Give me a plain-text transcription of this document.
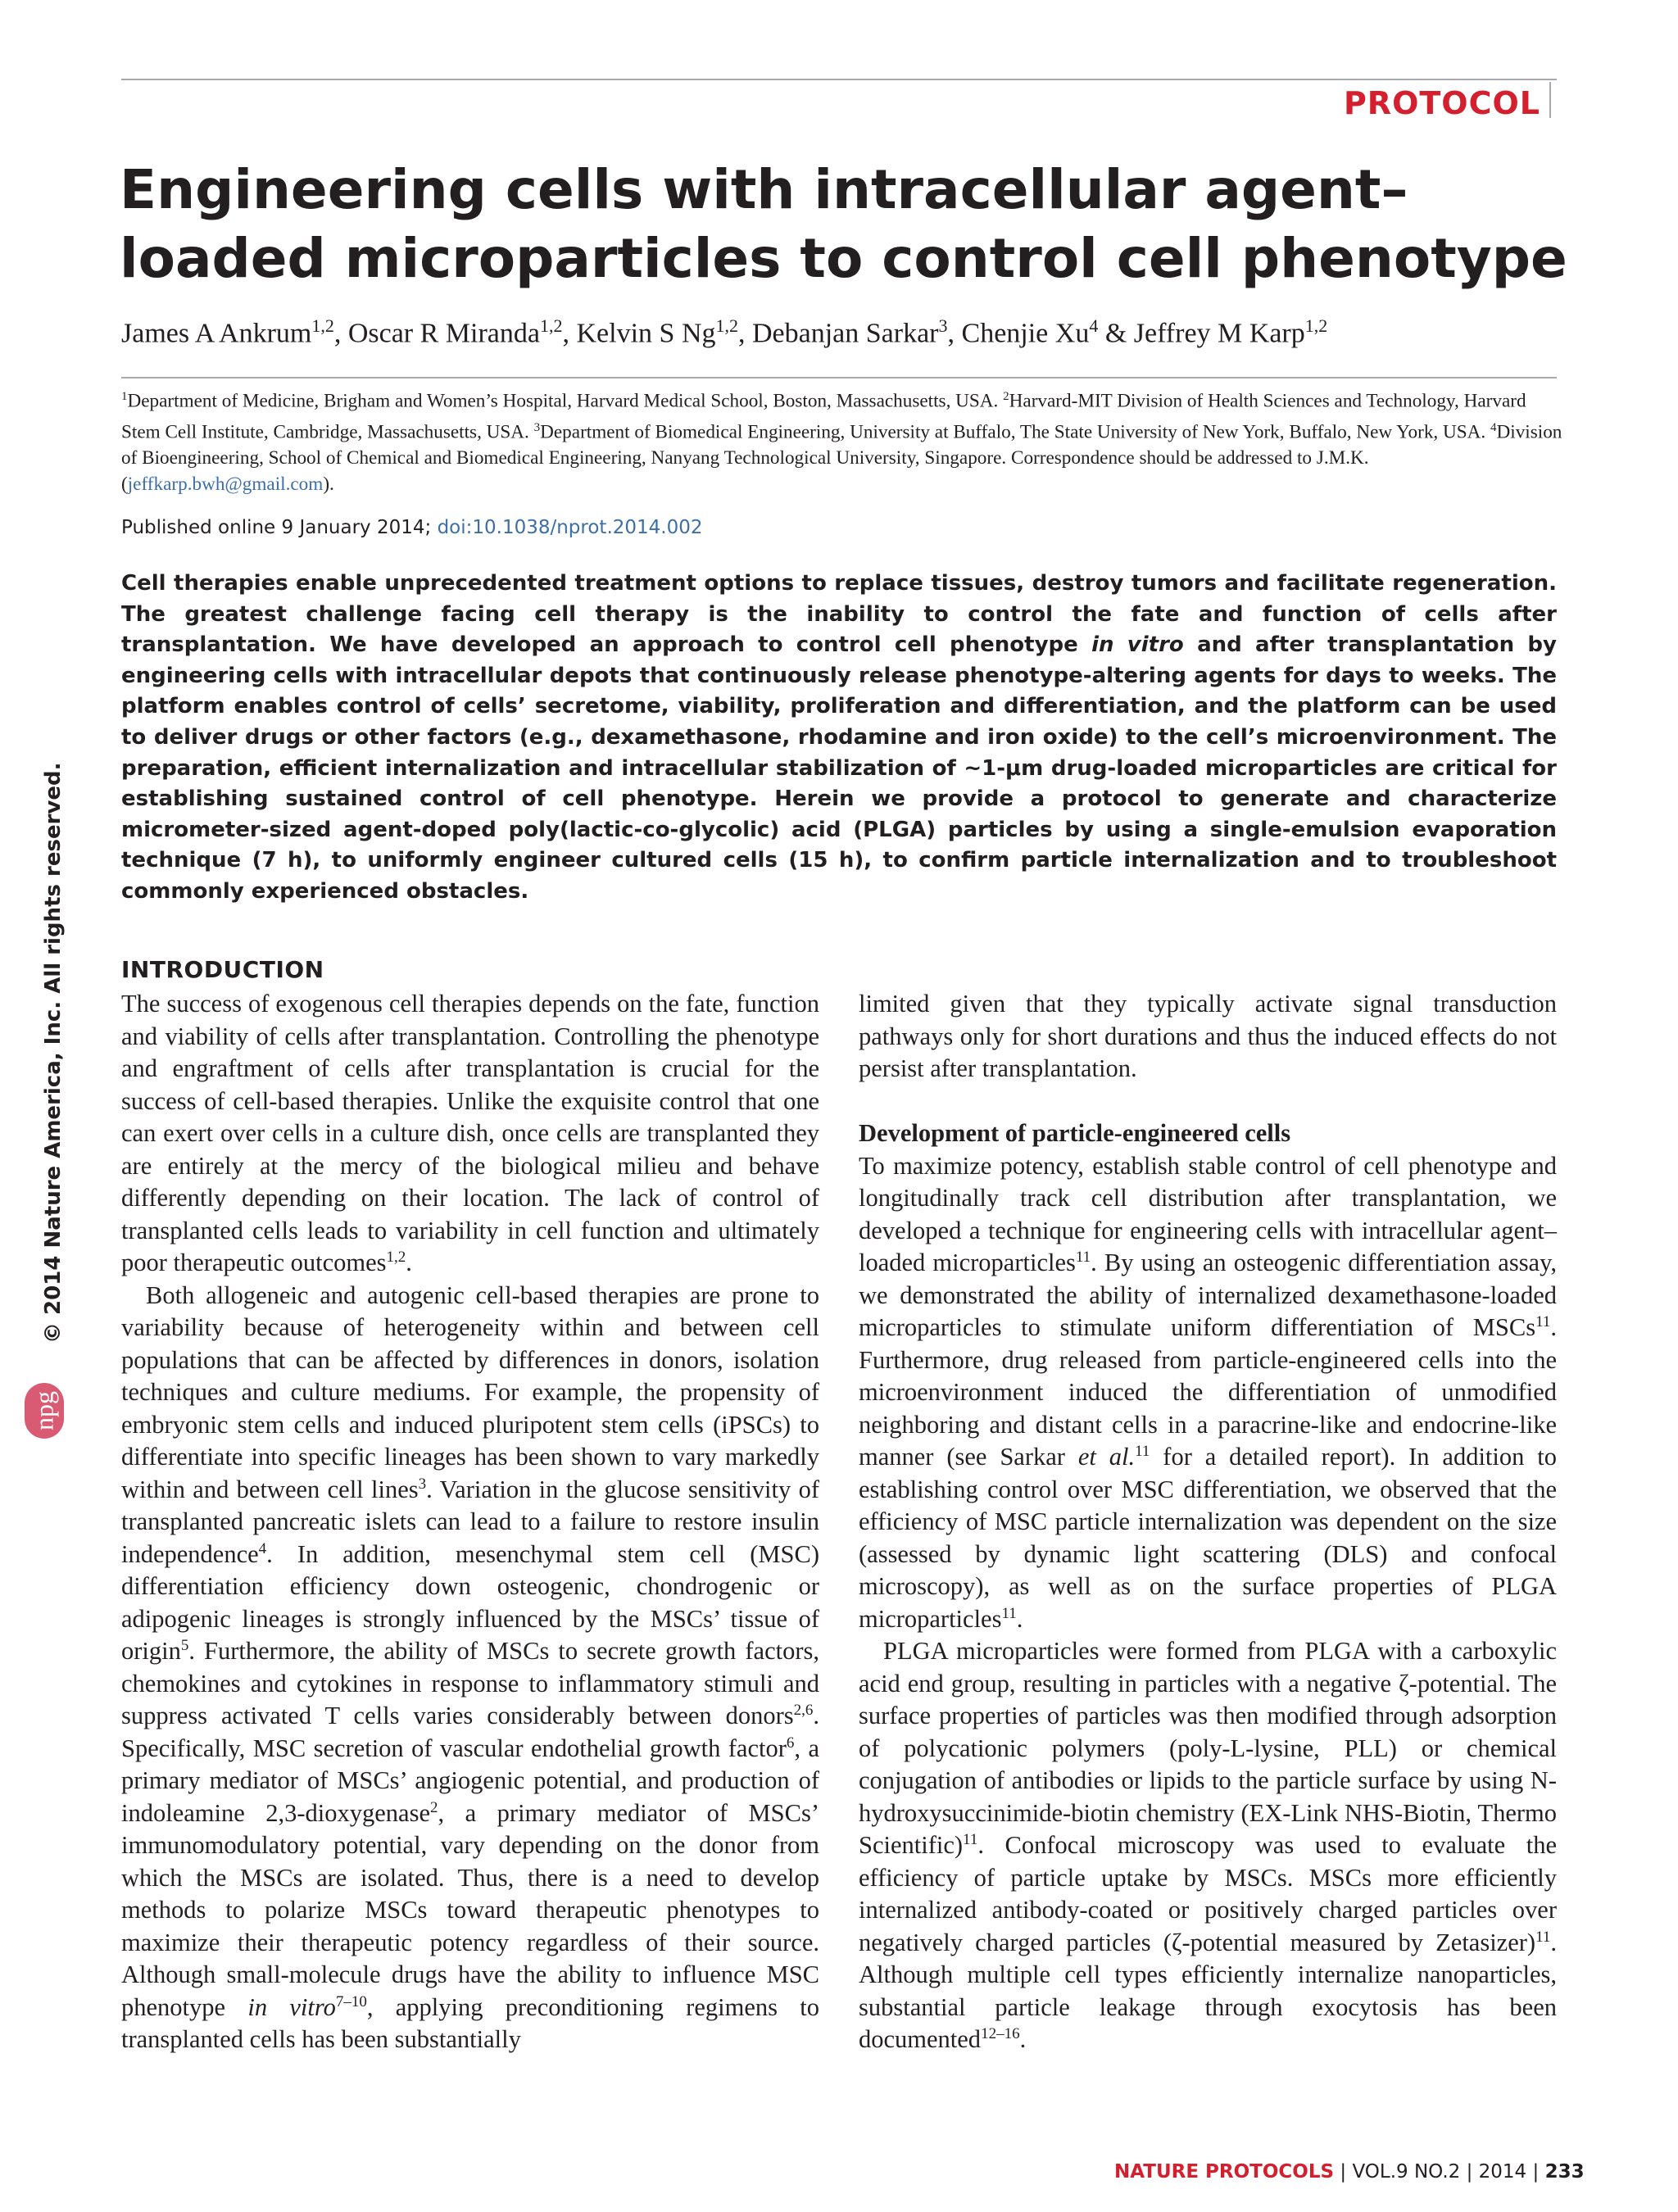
PROTOCOL
Engineering cells with intracellular agent–loaded microparticles to control cell phenotype
James A Ankrum$^{1,2}$, Oscar R Miranda$^{1,2}$, Kelvin S Ng$^{1,2}$, Debanjan Sarkar$^3$, Chenjie Xu$^4$ & Jeffrey M Karp$^{1,2}$
$^1$Department of Medicine, Brigham and Women’s Hospital, Harvard Medical School, Boston, Massachusetts, USA. $^2$Harvard-MIT Division of Health Sciences and Technology, Harvard Stem Cell Institute, Cambridge, Massachusetts, USA. $^3$Department of Biomedical Engineering, University at Buffalo, The State University of New York, Buffalo, New York, USA. $^4$Division of Bioengineering, School of Chemical and Biomedical Engineering, Nanyang Technological University, Singapore. Correspondence should be addressed to J.M.K. (jeffkarp.bwh@gmail.com).
Published online 9 January 2014; doi:10.1038/nprot.2014.002
Cell therapies enable unprecedented treatment options to replace tissues, destroy tumors and facilitate regeneration. The greatest challenge facing cell therapy is the inability to control the fate and function of cells after transplantation. We have developed an approach to control cell phenotype in vitro and after transplantation by engineering cells with intracellular depots that continuously release phenotype-altering agents for days to weeks. The platform enables control of cells’ secretome, viability, proliferation and differentiation, and the platform can be used to deliver drugs or other factors (e.g., dexamethasone, rhodamine and iron oxide) to the cell’s microenvironment. The preparation, efficient internalization and intracellular stabilization of ~1-μm drug-loaded microparticles are critical for establishing sustained control of cell phenotype. Herein we provide a protocol to generate and characterize micrometer-sized agent-doped poly(lactic-co-glycolic) acid (PLGA) particles by using a single-emulsion evaporation technique (7 h), to uniformly engineer cultured cells (15 h), to confirm particle internalization and to troubleshoot commonly experienced obstacles.
© 2014 Nature America, Inc. All rights reserved.
npg
INTRODUCTION

The success of exogenous cell therapies depends on the fate, function and viability of cells after transplantation. Controlling the phenotype and engraftment of cells after transplantation is crucial for the success of cell-based therapies. Unlike the exquisite control that one can exert over cells in a culture dish, once cells are transplanted they are entirely at the mercy of the biological milieu and behave differently depending on their location. The lack of control of transplanted cells leads to variability in cell function and ultimately poor therapeutic outcomes$^{1,2}$.

Both allogeneic and autogenic cell-based therapies are prone to variability because of heterogeneity within and between cell populations that can be affected by differences in donors, isolation techniques and culture mediums. For example, the propensity of embryonic stem cells and induced pluripotent stem cells (iPSCs) to differentiate into specific lineages has been shown to vary markedly within and between cell lines$^3$. Variation in the glucose sensitivity of transplanted pancreatic islets can lead to a failure to restore insulin independence$^4$. In addition, mesenchymal stem cell (MSC) differentiation efficiency down osteogenic, chondrogenic or adipogenic lineages is strongly influenced by the MSCs’ tissue of origin$^5$. Furthermore, the ability of MSCs to secrete growth factors, chemokines and cytokines in response to inflammatory stimuli and suppress activated T cells varies considerably between donors$^{2,6}$. Specifically, MSC secretion of vascular endothelial growth factor$^6$, a primary mediator of MSCs’ angiogenic potential, and production of indoleamine 2,3-dioxygenase$^2$, a primary mediator of MSCs’ immunomodulatory potential, vary depending on the donor from which the MSCs are isolated. Thus, there is a need to develop methods to polarize MSCs toward therapeutic phenotypes to maximize their therapeutic potency regardless of their source. Although small-molecule drugs have the ability to influence MSC phenotype in vitro$^{7-10}$, applying preconditioning regimens to transplanted cells has been substantially

limited given that they typically activate signal transduction pathways only for short durations and thus the induced effects do not persist after transplantation.

Development of particle-engineered cells

To maximize potency, establish stable control of cell phenotype and longitudinally track cell distribution after transplantation, we developed a technique for engineering cells with intracellular agent–loaded microparticles$^{11}$. By using an osteogenic differentiation assay, we demonstrated the ability of internalized dexamethasone-loaded microparticles to stimulate uniform differentiation of MSCs$^{11}$. Furthermore, drug released from particle-engineered cells into the microenvironment induced the differentiation of unmodified neighboring and distant cells in a paracrine-like and endocrine-like manner (see Sarkar et al.$^{11}$ for a detailed report). In addition to establishing control over MSC differentiation, we observed that the efficiency of MSC particle internalization was dependent on the size (assessed by dynamic light scattering (DLS) and confocal microscopy), as well as on the surface properties of PLGA microparticles$^{11}$.

PLGA microparticles were formed from PLGA with a carboxylic acid end group, resulting in particles with a negative ζ-potential. The surface properties of particles was then modified through adsorption of polycationic polymers (poly-L-lysine, PLL) or chemical conjugation of antibodies or lipids to the particle surface by using N-hydroxysuccinimide-biotin chemistry (EX-Link NHS-Biotin, Thermo Scientific)$^{11}$. Confocal microscopy was used to evaluate the efficiency of particle uptake by MSCs. MSCs more efficiently internalized antibody-coated or positively charged particles over negatively charged particles (ζ-potential measured by Zetasizer)$^{11}$. Although multiple cell types efficiently internalize nanoparticles, substantial particle leakage through exocytosis has been documented$^{12-16}$.

NATURE PROTOCOLS | VOL.9 NO.2 | 2014 | 233
